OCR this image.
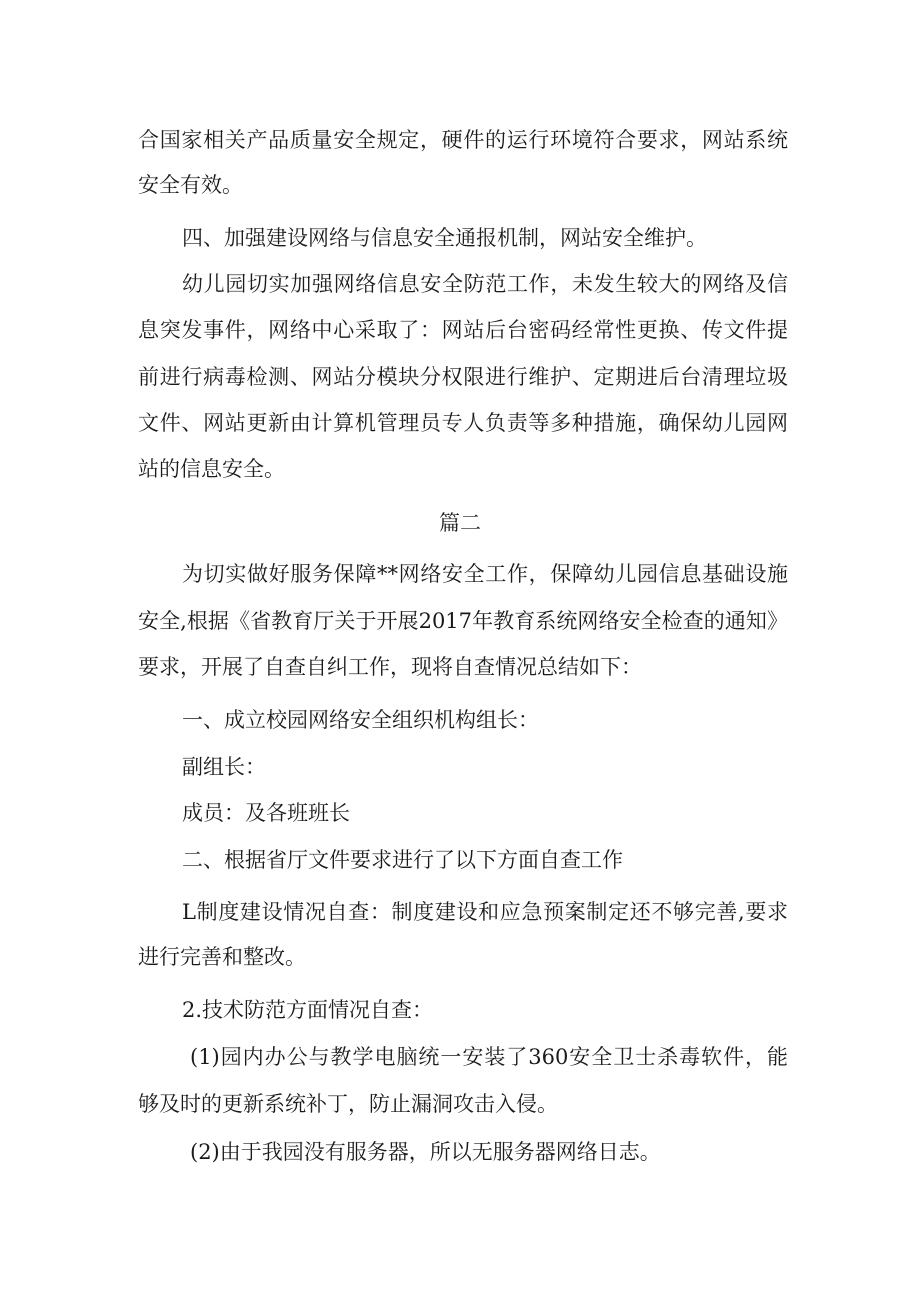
合国家相关产品质量安全规定，硬件的运行环境符合要求，网站系统

安全有效。

四、加强建设网络与信息安全通报机制，网站安全维护。

幼儿园切实加强网络信息安全防范工作，未发生较大的网络及信

息突发事件，网络中心采取了：网站后台密码经常性更换、传文件提

前进行病毒检测、网站分模块分权限进行维护、定期进后台清理垃圾

文件、网站更新由计算机管理员专人负责等多种措施，确保幼儿园网

站的信息安全。

篇二

为切实做好服务保障**网络安全工作，保障幼儿园信息基础设施

安全,根据《省教育厅关于开展2017年教育系统网络安全检查的通知》

要求，开展了自查自纠工作，现将自查情况总结如下：

一、成立校园网络安全组织机构组长：

副组长：

成员：及各班班长

二、根据省厅文件要求进行了以下方面自查工作

L制度建设情况自查：制度建设和应急预案制定还不够完善,要求

进行完善和整改。

2.技术防范方面情况自查：

(1)园内办公与教学电脑统一安装了360安全卫士杀毒软件，能

够及时的更新系统补丁，防止漏洞攻击入侵。

(2)由于我园没有服务器，所以无服务器网络日志。
